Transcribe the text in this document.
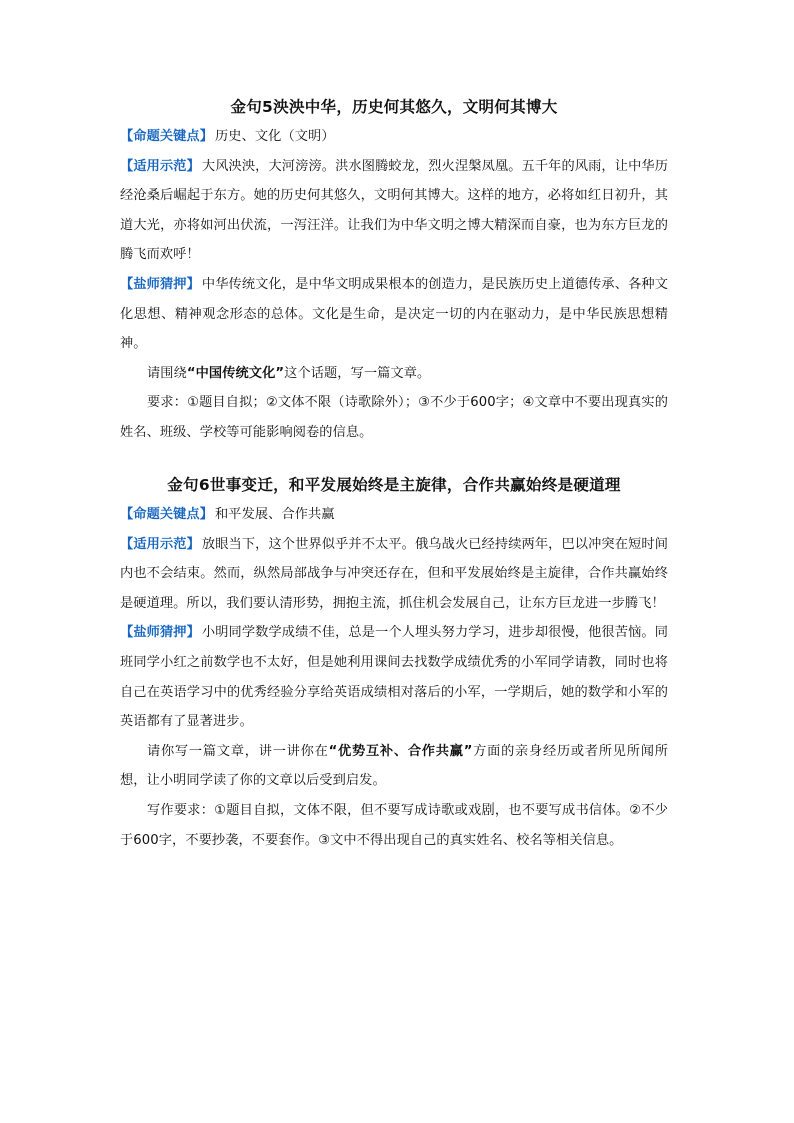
金句5泱泱中华，历史何其悠久，文明何其博大
【命题关键点】 历史、文化（文明）
【适用示范】 大风泱泱，大河滂滂。洪水图腾蛟龙，烈火涅槃凤凰。五千年的风雨，让中华历经沧桑后崛起于东方。她的历史何其悠久，文明何其博大。这样的地方，必将如红日初升，其道大光，亦将如河出伏流，一泻汪洋。让我们为中华文明之博大精深而自豪，也为东方巨龙的腾飞而欢呼！
【盐师猜押】 中华传统文化，是中华文明成果根本的创造力，是民族历史上道德传承、各种文化思想、精神观念形态的总体。文化是生命，是决定一切的内在驱动力，是中华民族思想精神。
请围绕“中国传统文化”这个话题，写一篇文章。
要求：①题目自拟；②文体不限（诗歌除外）；③不少于600字；④文章中不要出现真实的姓名、班级、学校等可能影响阅卷的信息。
金句6世事变迁，和平发展始终是主旋律，合作共赢始终是硬道理
【命题关键点】 和平发展、合作共赢
【适用示范】 放眼当下，这个世界似乎并不太平。俄乌战火已经持续两年，巴以冲突在短时间内也不会结束。然而，纵然局部战争与冲突还存在，但和平发展始终是主旋律，合作共赢始终是硬道理。所以，我们要认清形势，拥抱主流，抓住机会发展自己，让东方巨龙进一步腾飞！
【盐师猜押】 小明同学数学成绩不佳，总是一个人埋头努力学习，进步却很慢，他很苦恼。同班同学小红之前数学也不太好，但是她利用课间去找数学成绩优秀的小军同学请教，同时也将自己在英语学习中的优秀经验分享给英语成绩相对落后的小军，一学期后，她的数学和小军的英语都有了显著进步。
请你写一篇文章，讲一讲你在“优势互补、合作共赢”方面的亲身经历或者所见所闻所想，让小明同学读了你的文章以后受到启发。
写作要求：①题目自拟，文体不限，但不要写成诗歌或戏剧，也不要写成书信体。②不少于600字，不要抄袭，不要套作。③文中不得出现自己的真实姓名、校名等相关信息。
